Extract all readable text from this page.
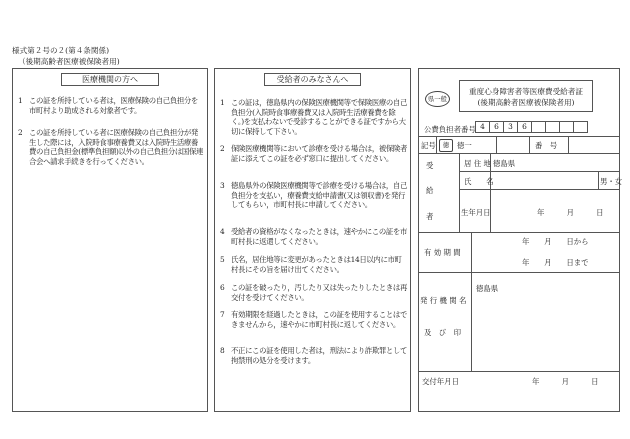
様式第２号の２(第４条関係)
（後期高齢者医療被保険者用)
医療機関の方へ
1 この証を所持している者は，医療保険の自己負担分を市町村より助成される対象者です。
2 この証を所持している者に医療保険の自己負担分が発生した際には，入院時食事療養費又は入院時生活療養費の自己負担金(標準負担額)以外の自己負担分は国保連合会へ請求手続きを行ってください。
受給者のみなさんへ
1 この証は，徳島県内の保険医療機関等で保険医療の自己負担分(入院時食事療養費又は入院時生活療養費を除く。)を支払わないで受診することができる証ですから大切に保持して下さい。
2 保険医療機関等において診療を受ける場合は，被保険者証に添えてこの証を必ず窓口に提出してください。
3 徳島県外の保険医療機関等で診療を受ける場合は，自己負担分を支払い，療養費支給申請書(又は領収書)を発行してもらい，市町村長に申請してください。
4 受給者の資格がなくなったときは，速やかにこの証を市町村長に返還してください。
5 氏名，居住地等に変更があったときは14日以内に市町村長にその旨を届け出てください。
6 この証を破ったり，汚したり又は失ったりしたときは再交付を受けてください。
7 有効期限を経過したときは，この証を使用することはできませんから，速やかに市町村長に返してください。
8 不正にこの証を使用した者は，刑法により詐欺罪として拘禁刑の処分を受けます。
県一般
重度心身障害者等医療費受給者証
(後期高齢者医療被保険者用)
公費負担者番号 4	6	3	6
記号	徳	徳一	番　号
受
給
者
居 住 地 徳島県
氏　　名	男・女
生年月日	年　　　月　　　日
有 効 期 間
年　　月　　日から
年　　月　　日まで
発 行 機 関 名
及　び　印
徳島県
交付年月日	年　　　月　　　日
